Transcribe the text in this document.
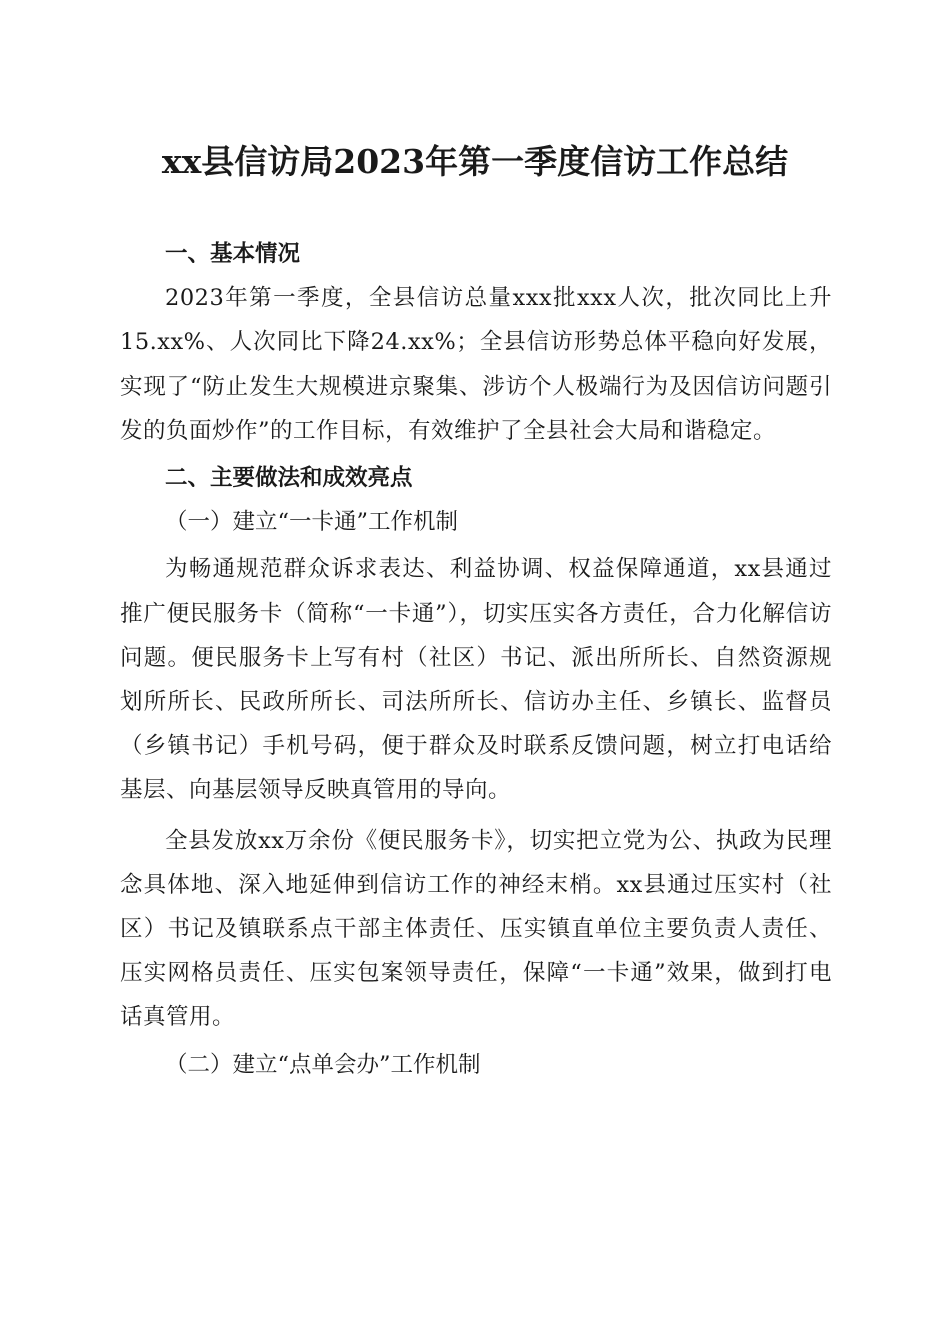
xx县信访局2023年第一季度信访工作总结
一、基本情况

2023年第一季度，全县信访总量xxx批xxx人次，批次同比上升15.xx%、人次同比下降24.xx%；全县信访形势总体平稳向好发展，实现了“防止发生大规模进京聚集、涉访个人极端行为及因信访问题引发的负面炒作”的工作目标，有效维护了全县社会大局和谐稳定。

二、主要做法和成效亮点
（一）建立“一卡通”工作机制

为畅通规范群众诉求表达、利益协调、权益保障通道，xx县通过推广便民服务卡（简称“一卡通”），切实压实各方责任，合力化解信访问题。便民服务卡上写有村（社区）书记、派出所所长、自然资源规划所所长、民政所所长、司法所所长、信访办主任、乡镇长、监督员（乡镇书记）手机号码，便于群众及时联系反馈问题，树立打电话给基层、向基层领导反映真管用的导向。

全县发放xx万余份《便民服务卡》，切实把立党为公、执政为民理念具体地、深入地延伸到信访工作的神经末梢。xx县通过压实村（社区）书记及镇联系点干部主体责任、压实镇直单位主要负责人责任、压实网格员责任、压实包案领导责任，保障“一卡通”效果，做到打电话真管用。

（二）建立“点单会办”工作机制
